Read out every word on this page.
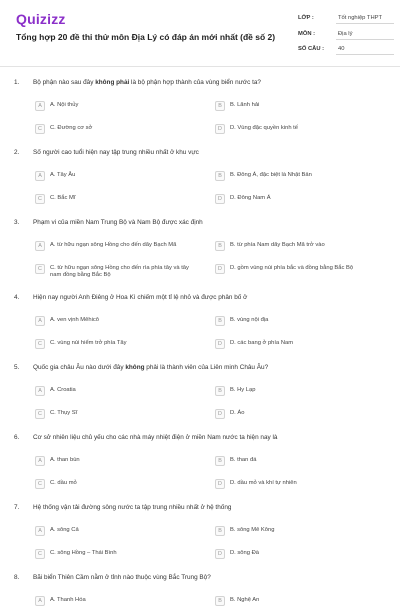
Quizizz
Tổng hợp 20 đề thi thử môn Địa Lý có đáp án mới nhất (đề số 2)
LỚP :	Tốt nghiệp THPT
MÔN :	Địa lý
SỐ CÂU : 40
1. Bộ phận nào sau đây không phải là bộ phận hợp thành của vùng biển nước ta?
A	A. Nội thủy	B	B. Lãnh hải
C	C. Đường cơ sở	D	D. Vùng đặc quyền kinh tế
2. Số người cao tuổi hiện nay tập trung nhiều nhất ở khu vực
A	A. Tây Âu	B	B. Đông Á, đặc biệt là Nhật Bản
C	C. Bắc Mĩ	D	D. Đông Nam Á
3. Phạm vi của miền Nam Trung Bộ và Nam Bộ được xác định
A	A. từ hữu ngạn sông Hồng cho đến dãy Bạch Mã	B	B. từ phía Nam dãy Bạch Mã trở vào
C	C. từ hữu ngạn sông Hồng cho đến rìa phía tây và tây nam đồng bằng Bắc Bộ
D	D. gồm vùng núi phía bắc và đồng bằng Bắc Bộ
4. Hiện nay người Anh Điêng ở Hoa Kì chiếm một tỉ lệ nhỏ và được phân bố ở
A	A. ven vịnh Mêhicô	B	B. vùng nội địa
C	C. vùng núi hiểm trở phía Tây	D	D. các bang ở phía Nam
5. Quốc gia châu Âu nào dưới đây không phải là thành viên của Liên minh Châu Âu?
A	A. Croatia	B	B. Hy Lạp
C	C. Thụy Sĩ	D	D. Áo
6. Cơ sở nhiên liệu chủ yếu cho các nhà máy nhiệt điện ở miền Nam nước ta hiện nay là
A	A. than bùn	B	B. than đá
C	C. dầu mỏ	D	D. dầu mỏ và khí tự nhiên
7. Hệ thống vận tải đường sông nước ta tập trung nhiều nhất ở hệ thống
A	A. sông Cả	B	B. sông Mê Kông
C	C. sông Hồng – Thái Bình	D	D. sông Đà
8. Bãi biển Thiên Cầm nằm ở tỉnh nào thuộc vùng Bắc Trung Bộ?
A	A. Thanh Hóa	B	B. Nghệ An
